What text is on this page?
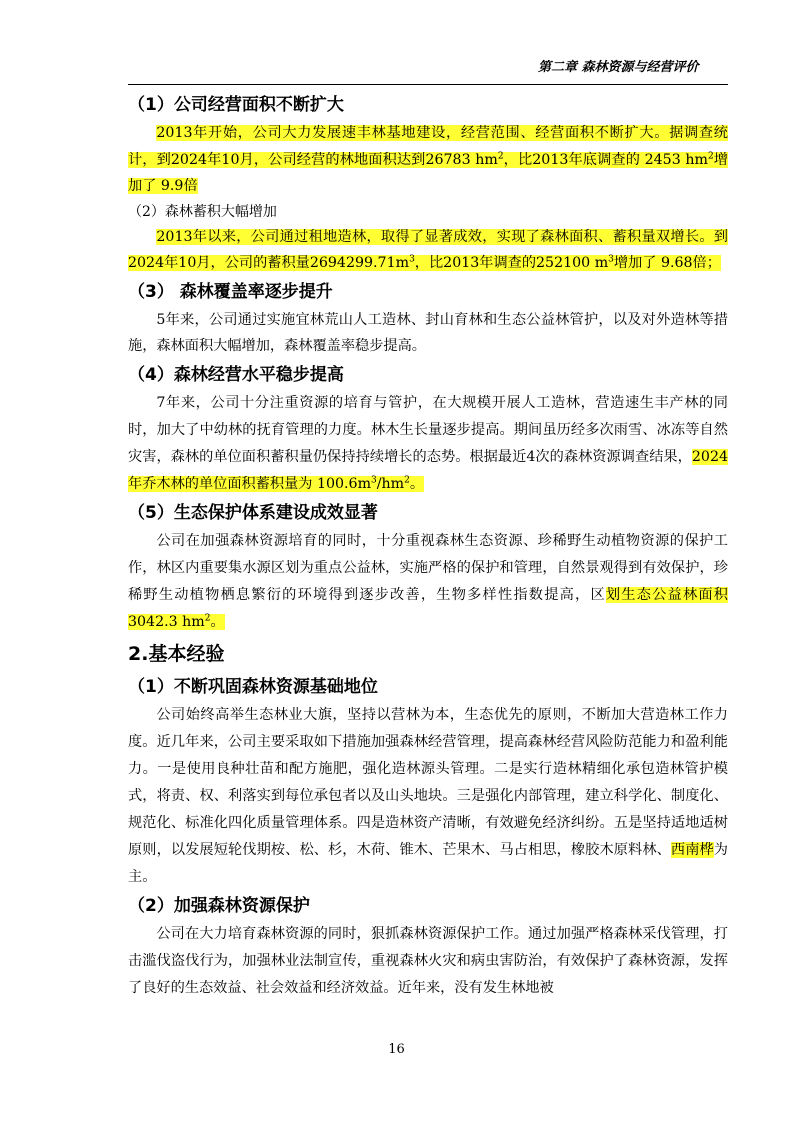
第二章 森林资源与经营评价
（1）公司经营面积不断扩大

2013年开始，公司大力发展速丰林基地建设，经营范围、经营面积不断扩大。据调查统计，到2024年10月，公司经营的林地面积达到26783 $hm^2$，比2013年底调查的 2453 $hm^2$增加了 9.9倍

（2）森林蓄积大幅增加

2013年以来，公司通过租地造林，取得了显著成效，实现了森林面积、蓄积量双增长。到2024年10月，公司的蓄积量$2694299.71m^3$，比2013年调查的252100 $m^3$增加了 9.68倍；

（3） 森林覆盖率逐步提升

5年来，公司通过实施宜林荒山人工造林、封山育林和生态公益林管护，以及对外造林等措施，森林面积大幅增加，森林覆盖率稳步提高。

（4）森林经营水平稳步提高

7年来，公司十分注重资源的培育与管护，在大规模开展人工造林，营造速生丰产林的同时，加大了中幼林的抚育管理的力度。林木生长量逐步提高。期间虽历经多次雨雪、冰冻等自然灾害，森林的单位面积蓄积量仍保持持续增长的态势。根据最近4次的森林资源调查结果，2024年乔木林的单位面积蓄积量为 $100.6m^3/hm^2$。

（5）生态保护体系建设成效显著

公司在加强森林资源培育的同时，十分重视森林生态资源、珍稀野生动植物资源的保护工作，林区内重要集水源区划为重点公益林，实施严格的保护和管理，自然景观得到有效保护，珍稀野生动植物栖息繁衍的环境得到逐步改善，生物多样性指数提高，区划生态公益林面积 3042.3 $hm^2$。

2.基本经验
（1）不断巩固森林资源基础地位

公司始终高举生态林业大旗，坚持以营林为本，生态优先的原则，不断加大营造林工作力度。近几年来，公司主要采取如下措施加强森林经营管理，提高森林经营风险防范能力和盈利能力。一是使用良种壮苗和配方施肥，强化造林源头管理。二是实行造林精细化承包造林管护模式，将责、权、利落实到每位承包者以及山头地块。三是强化内部管理，建立科学化、制度化、规范化、标准化四化质量管理体系。四是造林资产清晰，有效避免经济纠纷。五是坚持适地适树原则，以发展短轮伐期桉、松、杉，木荷、锥木、芒果木、马占相思，橡胶木原料林、西南桦为主。

（2）加强森林资源保护

公司在大力培育森林资源的同时，狠抓森林资源保护工作。通过加强严格森林采伐管理，打击滥伐盗伐行为，加强林业法制宣传，重视森林火灾和病虫害防治，有效保护了森林资源，发挥了良好的生态效益、社会效益和经济效益。近年来，没有发生林地被

16
